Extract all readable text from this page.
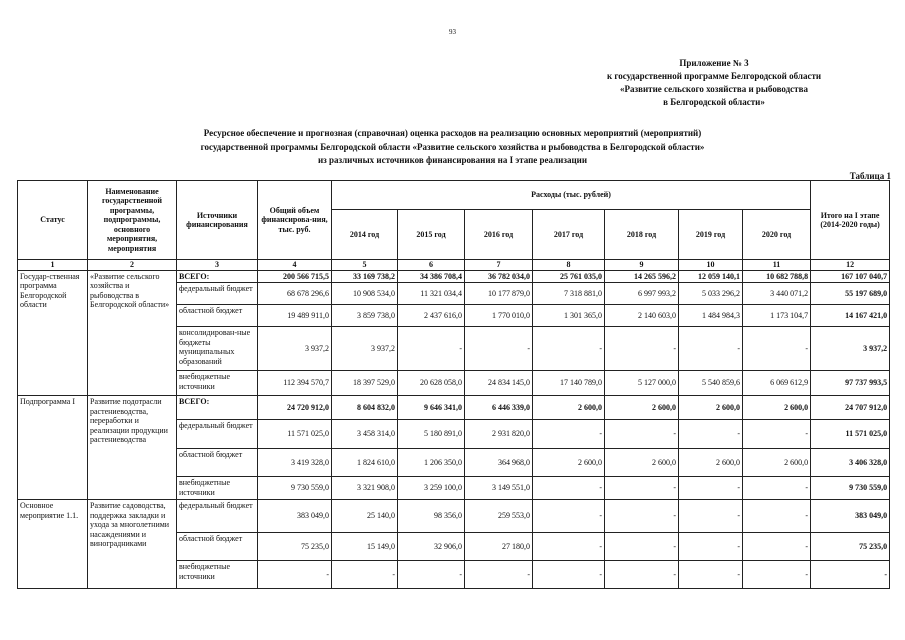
93
Приложение № 3
к государственной программе Белгородской области
«Развитие сельского хозяйства и рыбоводства
в Белгородской области»
Ресурсное обеспечение и прогнозная (справочная) оценка расходов на реализацию основных мероприятий (мероприятий)
государственной программы Белгородской области «Развитие сельского хозяйства и рыбоводства в Белгородской области»
из различных источников финансирования на I этапе реализации
Таблица 1
Статус	Наименование государственной программы, подпрограммы, основного мероприятия, мероприятия	Источники финансирования	Общий объем финансирова-ния, тыс. руб.	Расходы (тыс. рублей)							Итого на I этапе (2014-2020 годы)
				2014 год	2015 год	2016 год	2017 год	2018 год	2019 год	2020 год	
1	2	3	4	5	6	7	8	9	10	11	12
Государ-ственная программа Белгородской области	«Развитие сельского хозяйства и рыбоводства в Белгородской области»	ВСЕГО:	200 566 715,5	33 169 738,2	34 386 708,4	36 782 034,0	25 761 035,0	14 265 596,2	12 059 140,1	10 682 788,8	167 107 040,7
		федеральный бюджет	68 678 296,6	10 908 534,0	11 321 034,4	10 177 879,0	7 318 881,0	6 997 993,2	5 033 296,2	3 440 071,2	55 197 689,0
		областной бюджет	19 489 911,0	3 859 738,0	2 437 616,0	1 770 010,0	1 301 365,0	2 140 603,0	1 484 984,3	1 173 104,7	14 167 421,0
		консолидирован-ные бюджеты муниципальных образований	3 937,2	3 937,2	-	-	-	-	-	-	3 937,2
		внебюджетные источники	112 394 570,7	18 397 529,0	20 628 058,0	24 834 145,0	17 140 789,0	5 127 000,0	5 540 859,6	6 069 612,9	97 737 993,5
Подпрограмма I	Развитие подотрасли растениеводства, переработки и реализации продукции растениеводства	ВСЕГО:	24 720 912,0	8 604 832,0	9 646 341,0	6 446 339,0	2 600,0	2 600,0	2 600,0	2 600,0	24 707 912,0
		федеральный бюджет	11 571 025,0	3 458 314,0	5 180 891,0	2 931 820,0	-	-	-	-	11 571 025,0
		областной бюджет	3 419 328,0	1 824 610,0	1 206 350,0	364 968,0	2 600,0	2 600,0	2 600,0	2 600,0	3 406 328,0
		внебюджетные источники	9 730 559,0	3 321 908,0	3 259 100,0	3 149 551,0	-	-	-	-	9 730 559,0
Основное мероприятие 1.1.	Развитие садоводства, поддержка закладки и ухода за многолетними насаждениями и виноградниками	федеральный бюджет	383 049,0	25 140,0	98 356,0	259 553,0	-	-	-	-	383 049,0
		областной бюджет	75 235,0	15 149,0	32 906,0	27 180,0	-	-	-	-	75 235,0
		внебюджетные источники	-	-	-	-	-	-	-	-	-
